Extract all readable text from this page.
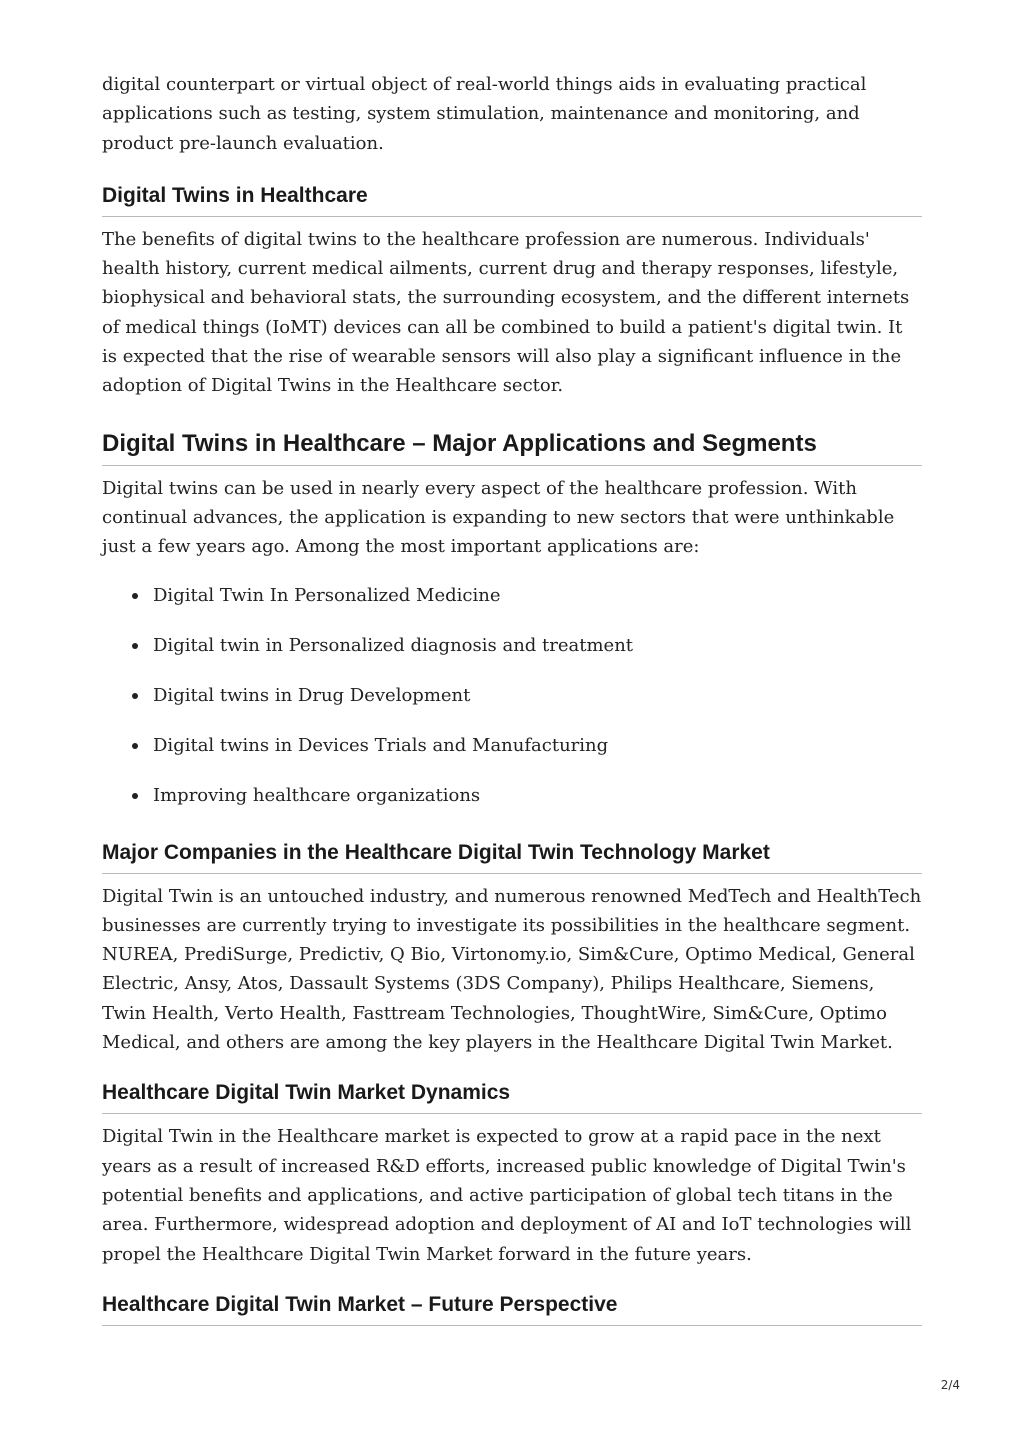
digital counterpart or virtual object of real-world things aids in evaluating practical applications such as testing, system stimulation, maintenance and monitoring, and product pre-launch evaluation.

Digital Twins in Healthcare

The benefits of digital twins to the healthcare profession are numerous. Individuals' health history, current medical ailments, current drug and therapy responses, lifestyle, biophysical and behavioral stats, the surrounding ecosystem, and the different internets of medical things (IoMT) devices can all be combined to build a patient's digital twin. It is expected that the rise of wearable sensors will also play a significant influence in the adoption of Digital Twins in the Healthcare sector.

Digital Twins in Healthcare – Major Applications and Segments

Digital twins can be used in nearly every aspect of the healthcare profession. With continual advances, the application is expanding to new sectors that were unthinkable just a few years ago. Among the most important applications are:

Digital Twin In Personalized Medicine
Digital twin in Personalized diagnosis and treatment
Digital twins in Drug Development
Digital twins in Devices Trials and Manufacturing
Improving healthcare organizations
Major Companies in the Healthcare Digital Twin Technology Market

Digital Twin is an untouched industry, and numerous renowned MedTech and HealthTech businesses are currently trying to investigate its possibilities in the healthcare segment. NUREA, PrediSurge, Predictiv, Q Bio, Virtonomy.io, Sim&Cure, Optimo Medical, General Electric, Ansy, Atos, Dassault Systems (3DS Company), Philips Healthcare, Siemens, Twin Health, Verto Health, Fasttream Technologies, ThoughtWire, Sim&Cure, Optimo Medical, and others are among the key players in the Healthcare Digital Twin Market.

Healthcare Digital Twin Market Dynamics

Digital Twin in the Healthcare market is expected to grow at a rapid pace in the next years as a result of increased R&D efforts, increased public knowledge of Digital Twin's potential benefits and applications, and active participation of global tech titans in the area. Furthermore, widespread adoption and deployment of AI and IoT technologies will propel the Healthcare Digital Twin Market forward in the future years.

Healthcare Digital Twin Market – Future Perspective
2/4
